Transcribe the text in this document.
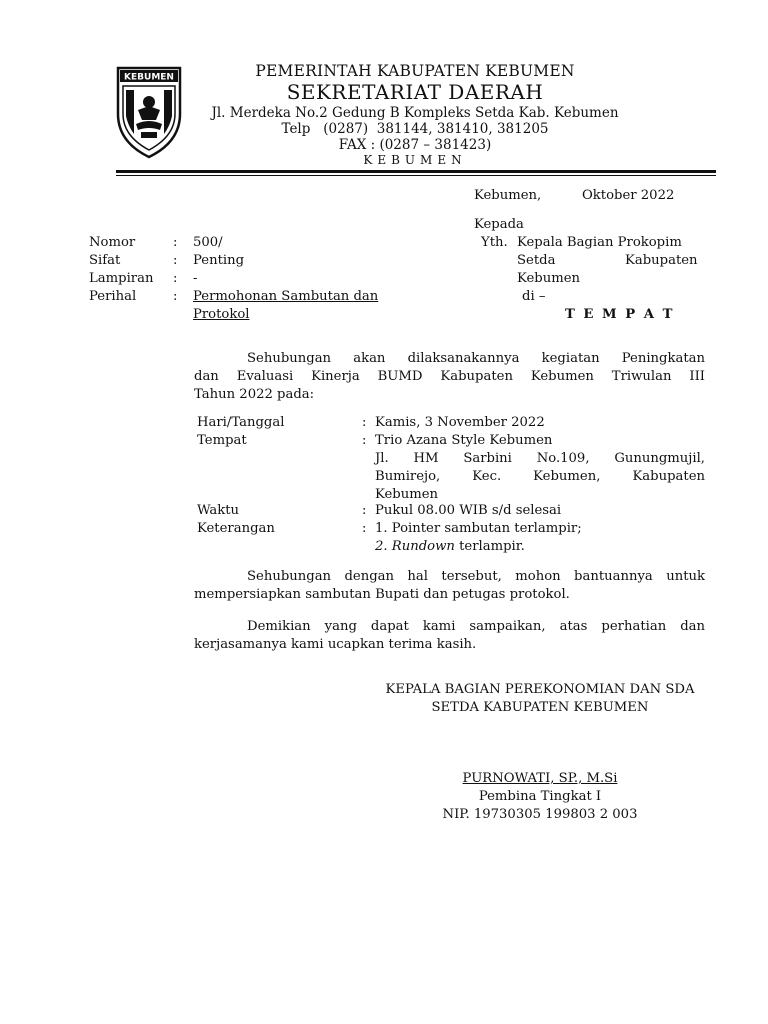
KEBUMEN	PEMERINTAH KABUPATEN KEBUMEN
SEKRETARIAT DAERAH
Jl. Merdeka No.2 Gedung B Kompleks Setda Kab. Kebumen
Telp   (0287)  381144, 381410, 381205
FAX : (0287 – 381423)
KEBUMEN
Kebumen,	Oktober 2022
Kepada
Yth. Kepala Bagian Prokopim
Setda	Kabupaten
Kebumen
di –
T E M P A T
Nomor	: 500/
Sifat	: Penting
Lampiran : -
Perihal	: Permohonan Sambutan dan
Protokol
Sehubungan akan dilaksanakannya kegiatan Peningkatan
dan Evaluasi Kinerja BUMD Kabupaten Kebumen Triwulan III
Tahun 2022 pada:
Hari/Tanggal	: Kamis, 3 November 2022
Tempat	: Trio Azana Style Kebumen
Jl. HM Sarbini No.109, Gunungmujil,
Bumirejo, Kec. Kebumen, Kabupaten
Kebumen
Waktu	: Pukul 08.00 WIB s/d selesai
Keterangan	: 1. Pointer sambutan terlampir;
2. Rundown terlampir.
Sehubungan dengan hal tersebut, mohon bantuannya untuk
mempersiapkan sambutan Bupati dan petugas protokol.
Demikian yang dapat kami sampaikan, atas perhatian dan
kerjasamanya kami ucapkan terima kasih.
KEPALA BAGIAN PEREKONOMIAN DAN SDA
SETDA KABUPATEN KEBUMEN
PURNOWATI, SP., M.Si
Pembina Tingkat I
NIP. 19730305 199803 2 003
